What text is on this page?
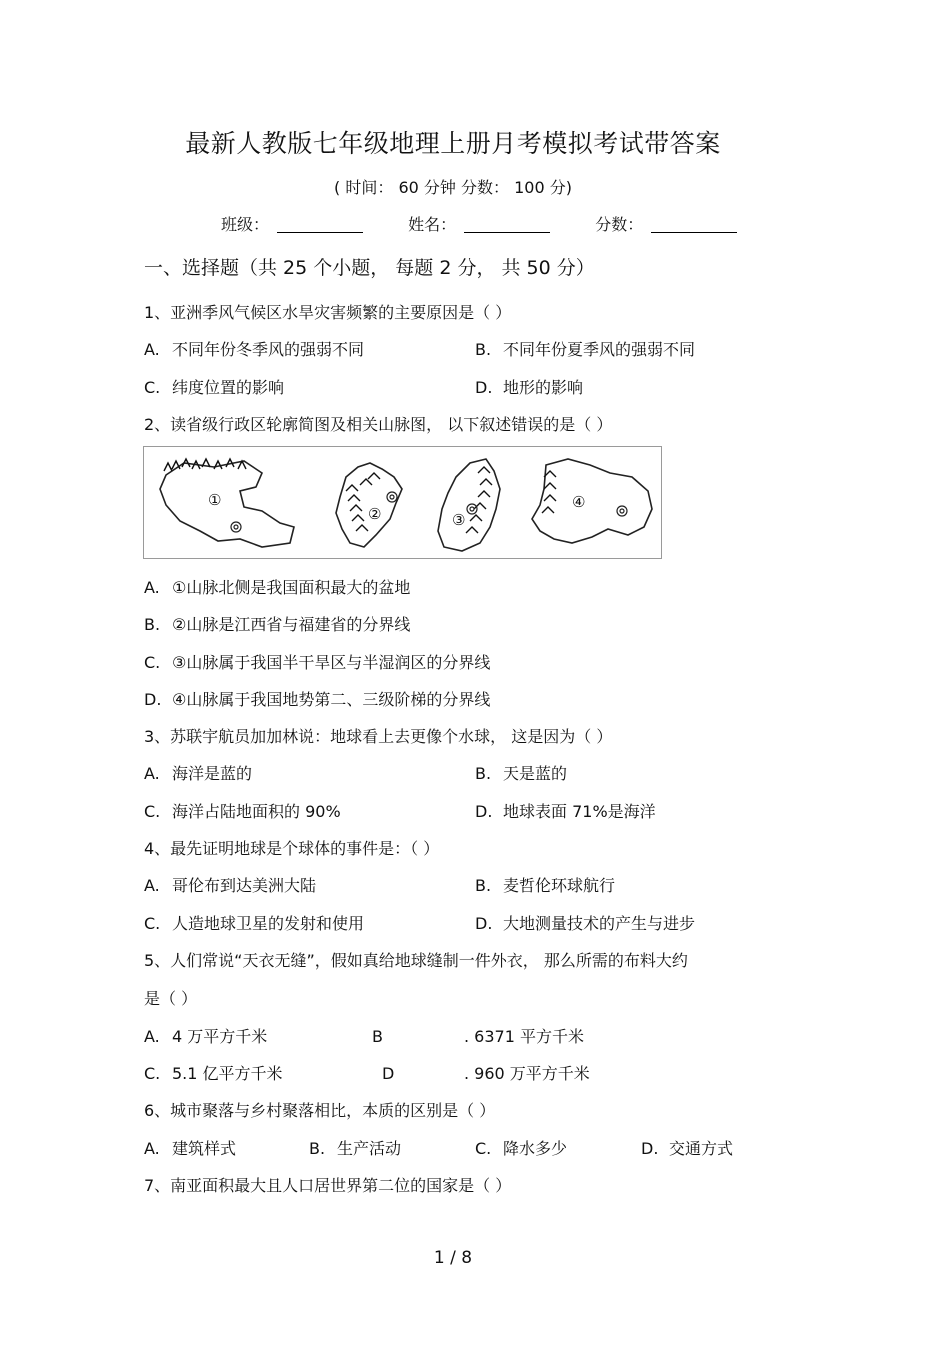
最新人教版七年级地理上册月考模拟考试带答案
( 时间： 60 分钟 分数： 100 分)
班级：	姓名：	分数：
一、选择题（共 25 个小题， 每题 2 分， 共 50 分）
1、亚洲季风气候区水旱灾害频繁的主要原因是（ ）
A. 不同年份冬季风的强弱不同	B. 不同年份夏季风的强弱不同
C. 纬度位置的影响	D. 地形的影响
2、读省级行政区轮廓简图及相关山脉图， 以下叙述错误的是（ ）
①
②	③
④
A. ①山脉北侧是我国面积最大的盆地
B. ②山脉是江西省与福建省的分界线
C. ③山脉属于我国半干旱区与半湿润区的分界线
D. ④山脉属于我国地势第二、三级阶梯的分界线
3、苏联宇航员加加林说：地球看上去更像个水球， 这是因为（ ）
A. 海洋是蓝的	B. 天是蓝的
C. 海洋占陆地面积的 90%	D. 地球表面 71%是海洋
4、最先证明地球是个球体的事件是：（ ）
A. 哥伦布到达美洲大陆	B. 麦哲伦环球航行
C. 人造地球卫星的发射和使用	D. 大地测量技术的产生与进步
5、人们常说“天衣无缝”，假如真给地球缝制一件外衣， 那么所需的布料大约
是（ ）
A. 4 万平方千米	B	. 6371 平方千米
C. 5.1 亿平方千米	D	. 960 万平方千米
6、城市聚落与乡村聚落相比，本质的区别是（ ）
A. 建筑样式	B. 生产活动	C. 降水多少	D. 交通方式
7、南亚面积最大且人口居世界第二位的国家是（ ）
1 / 8
